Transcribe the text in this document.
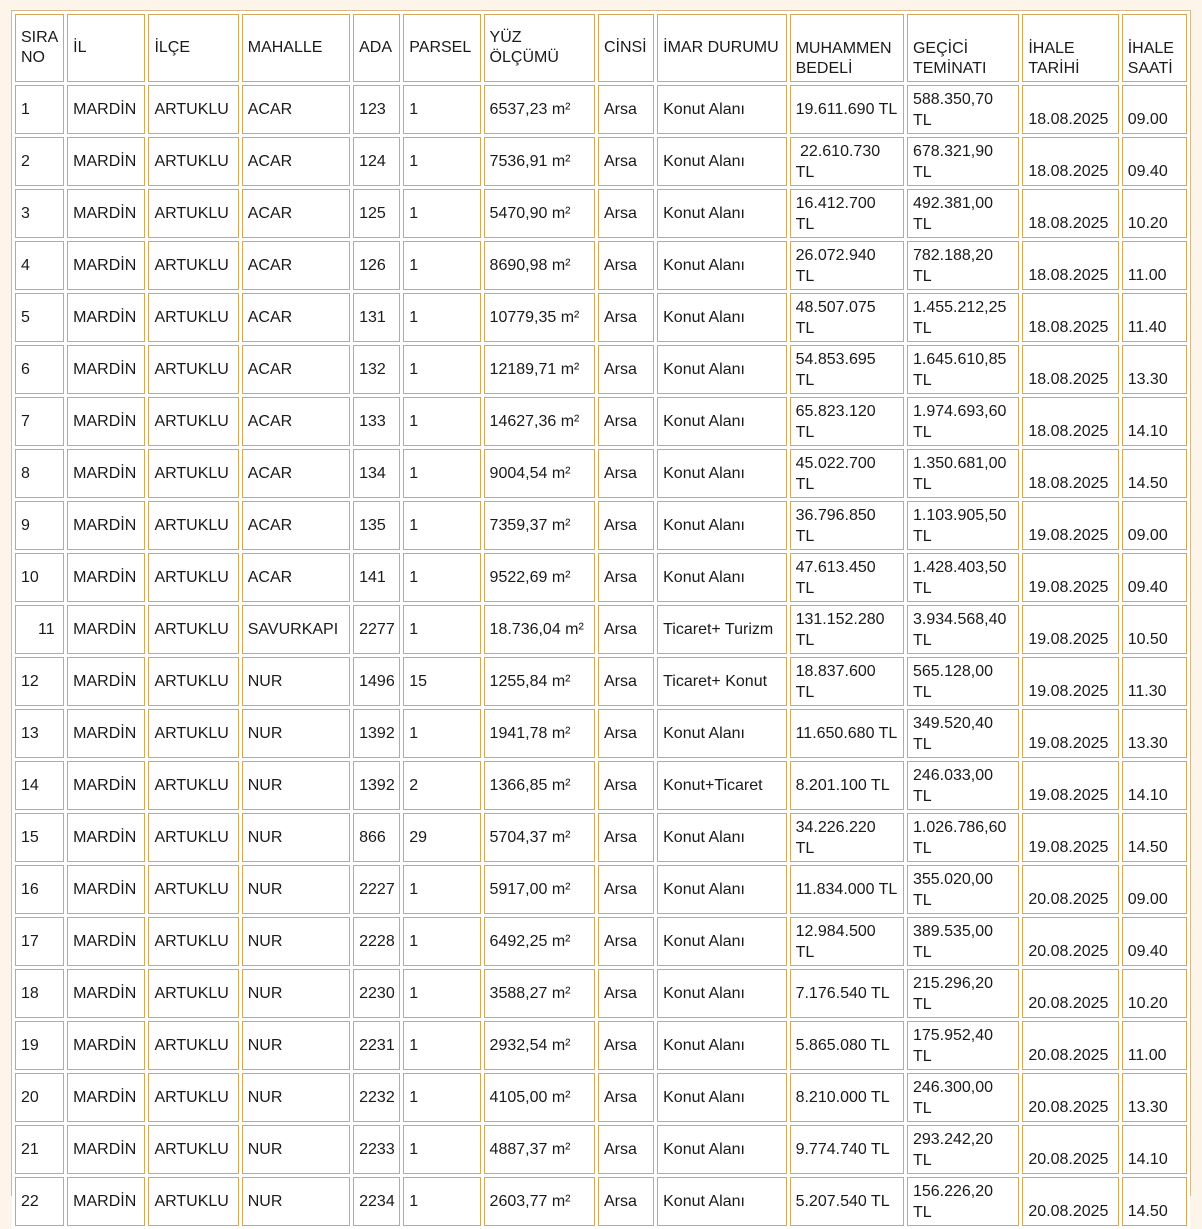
SIRA NO	İL	İLÇE	MAHALLE	ADA	PARSEL	YÜZ ÖLÇÜMÜ	CİNSİ	İMAR DURUMU	MUHAMMEN BEDELİ	GEÇİCİ TEMİNATI	İHALE TARİHİ	İHALE SAATİ
1	MARDİN	ARTUKLU	ACAR	123	1	6537,23 m²	Arsa	Konut Alanı	19.611.690 TL	588.350,70 TL	18.08.2025	09.00
2	MARDİN	ARTUKLU	ACAR	124	1	7536,91 m²	Arsa	Konut Alanı	22.610.730 TL	678.321,90 TL	18.08.2025	09.40
3	MARDİN	ARTUKLU	ACAR	125	1	5470,90 m²	Arsa	Konut Alanı	16.412.700 TL	492.381,00 TL	18.08.2025	10.20
4	MARDİN	ARTUKLU	ACAR	126	1	8690,98 m²	Arsa	Konut Alanı	26.072.940 TL	782.188,20 TL	18.08.2025	11.00
5	MARDİN	ARTUKLU	ACAR	131	1	10779,35 m²	Arsa	Konut Alanı	48.507.075 TL	1.455.212,25 TL	18.08.2025	11.40
6	MARDİN	ARTUKLU	ACAR	132	1	12189,71 m²	Arsa	Konut Alanı	54.853.695 TL	1.645.610,85 TL	18.08.2025	13.30
7	MARDİN	ARTUKLU	ACAR	133	1	14627,36 m²	Arsa	Konut Alanı	65.823.120 TL	1.974.693,60 TL	18.08.2025	14.10
8	MARDİN	ARTUKLU	ACAR	134	1	9004,54 m²	Arsa	Konut Alanı	45.022.700 TL	1.350.681,00 TL	18.08.2025	14.50
9	MARDİN	ARTUKLU	ACAR	135	1	7359,37 m²	Arsa	Konut Alanı	36.796.850 TL	1.103.905,50 TL	19.08.2025	09.00
10	MARDİN	ARTUKLU	ACAR	141	1	9522,69 m²	Arsa	Konut Alanı	47.613.450 TL	1.428.403,50 TL	19.08.2025	09.40
11	MARDİN	ARTUKLU	SAVURKAPI	2277	1	18.736,04 m²	Arsa	Ticaret+ Turizm	131.152.280 TL	3.934.568,40 TL	19.08.2025	10.50
12	MARDİN	ARTUKLU	NUR	1496	15	1255,84 m²	Arsa	Ticaret+ Konut	18.837.600 TL	565.128,00 TL	19.08.2025	11.30
13	MARDİN	ARTUKLU	NUR	1392	1	1941,78 m²	Arsa	Konut Alanı	11.650.680 TL	349.520,40 TL	19.08.2025	13.30
14	MARDİN	ARTUKLU	NUR	1392	2	1366,85 m²	Arsa	Konut+Ticaret	8.201.100 TL	246.033,00 TL	19.08.2025	14.10
15	MARDİN	ARTUKLU	NUR	866	29	5704,37 m²	Arsa	Konut Alanı	34.226.220 TL	1.026.786,60 TL	19.08.2025	14.50
16	MARDİN	ARTUKLU	NUR	2227	1	5917,00 m²	Arsa	Konut Alanı	11.834.000 TL	355.020,00 TL	20.08.2025	09.00
17	MARDİN	ARTUKLU	NUR	2228	1	6492,25 m²	Arsa	Konut Alanı	12.984.500 TL	389.535,00 TL	20.08.2025	09.40
18	MARDİN	ARTUKLU	NUR	2230	1	3588,27 m²	Arsa	Konut Alanı	7.176.540 TL	215.296,20 TL	20.08.2025	10.20
19	MARDİN	ARTUKLU	NUR	2231	1	2932,54 m²	Arsa	Konut Alanı	5.865.080 TL	175.952,40 TL	20.08.2025	11.00
20	MARDİN	ARTUKLU	NUR	2232	1	4105,00 m²	Arsa	Konut Alanı	8.210.000 TL	246.300,00 TL	20.08.2025	13.30
21	MARDİN	ARTUKLU	NUR	2233	1	4887,37 m²	Arsa	Konut Alanı	9.774.740 TL	293.242,20 TL	20.08.2025	14.10
22	MARDİN	ARTUKLU	NUR	2234	1	2603,77 m²	Arsa	Konut Alanı	5.207.540 TL	156.226,20 TL	20.08.2025	14.50
